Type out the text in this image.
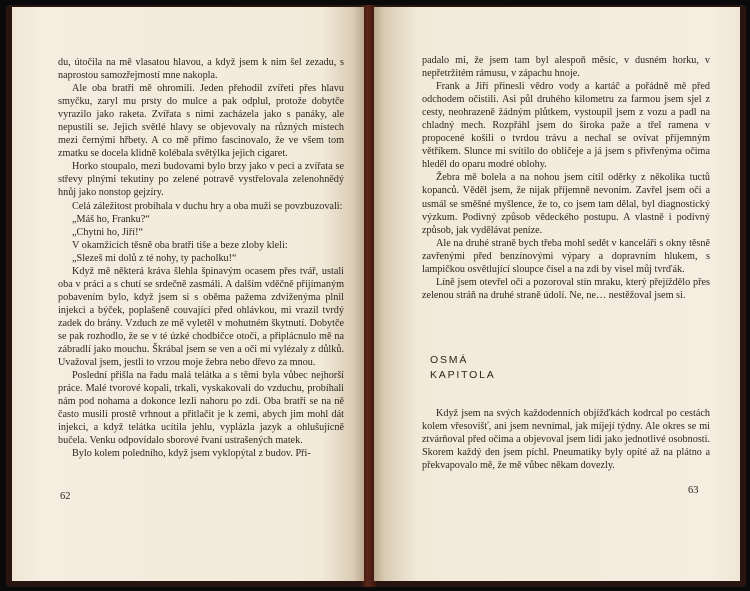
du, útočila na mě vlasatou hlavou, a když jsem k nim šel zezadu, s naprostou samozřejmostí mne nakopla.

Ale oba bratři mě ohromili. Jeden přehodil zvířeti přes hlavu smyčku, zaryl mu prsty do mulce a pak odplul, protože dobytče vyrazilo jako raketa. Zvířata s nimi zacházela jako s panáky, ale nepustili se. Jejich světlé hlavy se objevovaly na různých místech mezi černými hřbety. A co mě přímo fascinovalo, že ve všem tom zmatku se docela klidně kolébala světýlka jejich cigaret.

Horko stoupalo, mezi budovami bylo brzy jako v peci a zvířata se střevy plnými tekutiny po zelené potravě vystřelovala zelenohnědý hnůj jako nonstop gejzíry.

Celá záležitost probíhala v duchu hry a oba muži se povzbuzovali:

„Máš ho, Franku?“

„Chytni ho, Jiří!“

V okamžicích těsně oba bratři tiše a beze zloby kleli:

„Slezeš mi dolů z té nohy, ty pacholku!“

Když mě některá kráva šlehla špinavým ocasem přes tvář, ustali oba v práci a s chutí se srdečně zasmáli. A dalším vděčně přijímaným pobavením bylo, když jsem si s oběma pažema zdviženýma plnil injekci a býček, poplašeně couvající před ohlávkou, mi vrazil tvrdý zadek do brány. Vzduch ze mě vyletěl v mohutném škytnutí. Dobytče se pak rozhodlo, že se v té úzké chodbičce otočí, a připlácnulo mě na zábradlí jako mouchu. Škrábal jsem se ven a oči mi vylézaly z důlků. Uvažoval jsem, jestli to vrzou moje žebra nebo dřevo za mnou.

Poslední přišla na řadu malá telátka a s těmi byla vůbec nejhorší práce. Malé tvorové kopali, trkali, vyskakovali do vzduchu, probíhali nám pod nohama a dokonce lezli nahoru po zdi. Oba bratři se na ně často musili prostě vrhnout a přitlačit je k zemi, abych jim mohl dát injekci, a když telátka ucítila jehlu, vyplázla jazyk a ohlušujícně bučela. Venku odpovídalo sborové řvaní ustrašených matek.

Bylo kolem poledního, když jsem vyklopýtal z budov. Při-

62

padalo mi, že jsem tam byl alespoň měsíc, v dusném horku, v nepřetržitém rámusu, v zápachu hnoje.

Frank a Jiří přinesli vědro vody a kartáč a pořádně mě před odchodem očistili. Asi půl druhého kilometru za farmou jsem sjel z cesty, neohrazeně žádným plůtkem, vystoupil jsem z vozu a padl na chladný mech. Rozpřáhl jsem do široka paže a třel ramena v propocené košili o tvrdou trávu a nechal se ovívat příjemným větříkem. Slunce mi svítilo do obličeje a já jsem s přivřenýma očima hleděl do oparu modré oblohy.

Žebra mě bolela a na nohou jsem cítil oděrky z několika tuctů kopanců. Věděl jsem, že nijak příjemně nevoním. Zavřel jsem oči a usmál se směšné myšlence, že to, co jsem tam dělal, byl diagnostický výzkum. Podivný způsob vědeckého postupu. A vlastně i podivný způsob, jak vydělávat peníze.

Ale na druhé straně bych třeba mohl sedět v kanceláři s okny těsně zavřenými před benzínovými výpary a dopravním hlukem, s lampičkou osvětlující sloupce čísel a na zdi by visel můj tvrďák.

Líně jsem otevřel oči a pozoroval stín mraku, který přejíždělo přes zelenou stráň na druhé straně údolí. Ne, ne… nestěžoval jsem si.

OSMÁ
KAPITOLA

Když jsem na svých každodenních objížďkách kodrcal po cestách kolem vřesovišť, ani jsem nevnímal, jak míjejí týdny. Ale okres se mi ztvárňoval před očima a objevoval jsem lidi jako jednotlivé osobnosti. Skorem každý den jsem píchl. Pneumatiky byly opíté až na plátno a překvapovalo mě, že mě vůbec někam dovezly.

63
